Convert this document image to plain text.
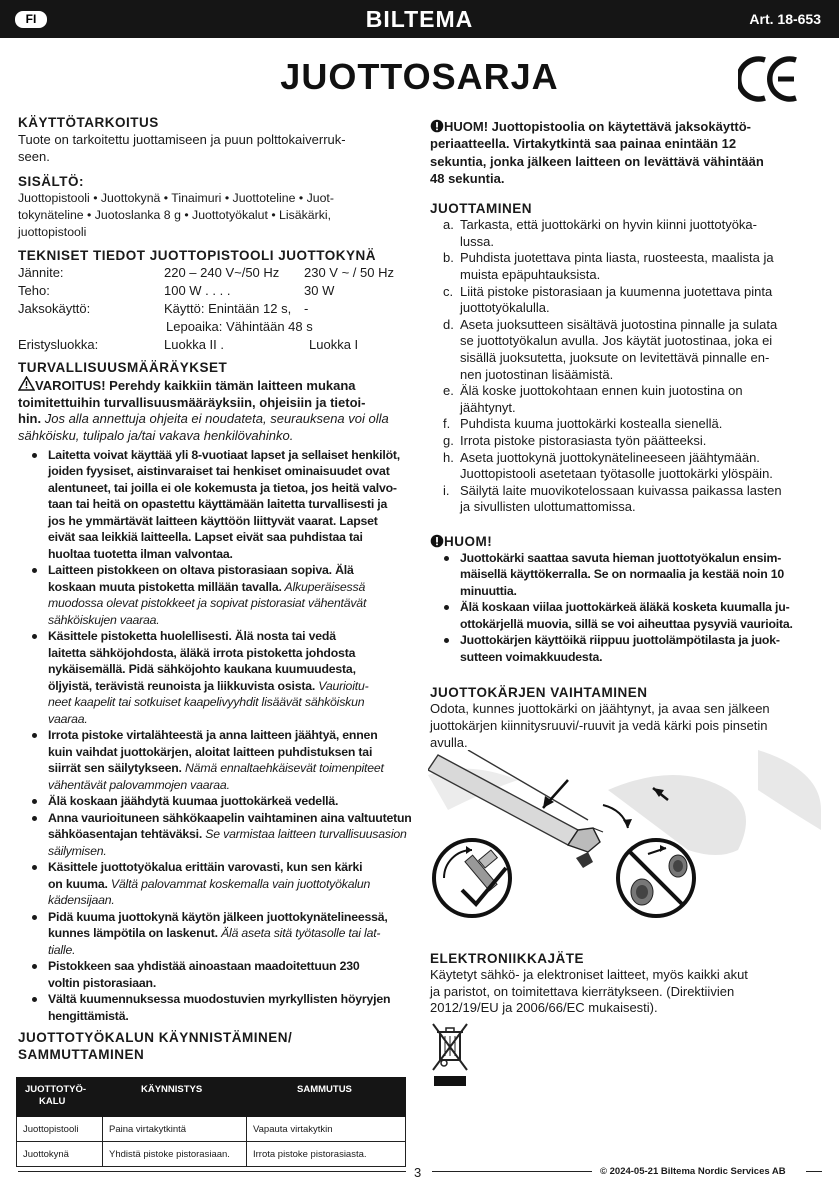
FI	BILTEMA	Art. 18-653
JUOTTOSARJA
KÄYTTÖTARKOITUS
Tuote on tarkoitettu juottamiseen ja puun polttokaiverruk-
seen.
SISÄLTÖ:
Juottopistooli • Juottokynä • Tinaimuri • Juottoteline • Juot-
tokynäteline • Juotoslanka 8 g • Juottotyökalut • Lisäkärki,
juottopistooli
TEKNISET TIEDOT JUOTTOPISTOOLI JUOTTOKYNÄ
Jännite:	220 – 240 V~/50 Hz	230 V ~ / 50 Hz
Teho:	100 W . . . .	30 W
Jaksokäyttö:	Käyttö: Enintään 12 s, -
Lepoaika: Vähintään 48 s
Eristysluokka:	Luokka II .	Luokka I
TURVALLISUUSMÄÄRÄYKSET
VAROITUS! Perehdy kaikkiin tämän laitteen mukana
toimitettuihin turvallisuusmääräyksiin, ohjeisiin ja tietoi-
hin. Jos alla annettuja ohjeita ei noudateta, seurauksena voi olla
sähköisku, tulipalo ja/tai vakava henkilövahinko.
Laitetta voivat käyttää yli 8-vuotiaat lapset ja sellaiset henkilöt,
joiden fyysiset, aistinvaraiset tai henkiset ominaisuudet ovat
alentuneet, tai joilla ei ole kokemusta ja tietoa, jos heitä valvo-
taan tai heitä on opastettu käyttämään laitetta turvallisesti ja
jos he ymmärtävät laitteen käyttöön liittyvät vaarat. Lapset
eivät saa leikkiä laitteella. Lapset eivät saa puhdistaa tai
huoltaa tuotetta ilman valvontaa.
Laitteen pistokkeen on oltava pistorasiaan sopiva. Älä
koskaan muuta pistoketta millään tavalla. Alkuperäisessä
muodossa olevat pistokkeet ja sopivat pistorasiat vähentävät
sähköiskujen vaaraa.
Käsittele pistoketta huolellisesti. Älä nosta tai vedä
laitetta sähköjohdosta, äläkä irrota pistoketta johdosta
nykäisemällä. Pidä sähköjohto kaukana kuumuudesta,
öljyistä, terävistä reunoista ja liikkuvista osista. Vaurioitu-
neet kaapelit tai sotkuiset kaapelivyyhdit lisäävät sähköiskun
vaaraa.
Irrota pistoke virtalähteestä ja anna laitteen jäähtyä, ennen
kuin vaihdat juottokärjen, aloitat laitteen puhdistuksen tai
siirrät sen säilytykseen. Nämä ennaltaehkäisevät toimenpiteet
vähentävät palovammojen vaaraa.
Älä koskaan jäähdytä kuumaa juottokärkeä vedellä.
Anna vaurioituneen sähkökaapelin vaihtaminen aina valtuutetun
sähköasentajan tehtäväksi. Se varmistaa laitteen turvallisuusasion
säilymisen.
Käsittele juottotyökalua erittäin varovasti, kun sen kärki
on kuuma. Vältä palovammat koskemalla vain juottotyökalun
kädensijaan.
Pidä kuuma juottokynä käytön jälkeen juottokynätelineessä,
kunnes lämpötila on laskenut. Älä aseta sitä työtasolle tai lat-
tialle.
Pistokkeen saa yhdistää ainoastaan maadoitettuun 230
voltin pistorasiaan.
Vältä kuumennuksessa muodostuvien myrkyllisten höyryjen
hengittämistä.
JUOTTOTYÖKALUN KÄYNNISTÄMINEN/
SAMMUTTAMINEN
JUOTTOTYÖ-
KALU	KÄYNNISTYS	SAMMUTUS
Juottopistooli	Paina virtakytkintä	Vapauta virtakytkin
Juottokynä	Yhdistä pistoke pistorasiaan.	Irrota pistoke pistorasiasta.
HUOM! Juottopistoolia on käytettävä jaksokäyttö-
periaatteella. Virtakytkintä saa painaa enintään 12
sekuntia, jonka jälkeen laitteen on levättävä vähintään
48 sekuntia.
JUOTTAMINEN
a. Tarkasta, että juottokärki on hyvin kiinni juottotyöka-
lussa.
b. Puhdista juotettava pinta liasta, ruosteesta, maalista ja
muista epäpuhtauksista.
c. Liitä pistoke pistorasiaan ja kuumenna juotettava pinta
juottotyökalulla.
d. Aseta juoksutteen sisältävä juotostina pinnalle ja sulata
se juottotyökalun avulla. Jos käytät juotostinaa, joka ei
sisällä juoksutetta, juoksute on levitettävä pinnalle en-
nen juotostinan lisäämistä.
e. Älä koske juottokohtaan ennen kuin juotostina on
jäähtynyt.
f. Puhdista kuuma juottokärki kostealla sienellä.
g. Irrota pistoke pistorasiasta työn päätteeksi.
h. Aseta juottokynä juottokynätelineeseen jäähtymään.
Juottopistooli asetetaan työtasolle juottokärki ylöspäin.
i. Säilytä laite muovikotelossaan kuivassa paikassa lasten
ja sivullisten ulottumattomissa.
HUOM!
Juottokärki saattaa savuta hieman juottotyökalun ensim-
mäisellä käyttökerralla. Se on normaalia ja kestää noin 10
minuuttia.
Älä koskaan viilaa juottokärkeä äläkä kosketa kuumalla ju-
ottokärjellä muovia, sillä se voi aiheuttaa pysyviä vaurioita.
Juottokärjen käyttöikä riippuu juottolämpötilasta ja juok-
sutteen voimakkuudesta.
JUOTTOKÄRJEN VAIHTAMINEN
Odota, kunnes juottokärki on jäähtynyt, ja avaa sen jälkeen
juottokärjen kiinnitysruuvi/-ruuvit ja vedä kärki pois pinsetin
avulla.
ELEKTRONIIKKAJÄTE
Käytetyt sähkö- ja elektroniset laitteet, myös kaikki akut
ja paristot, on toimitettava kierrätykseen. (Direktiivien
2012/19/EU ja 2006/66/EC mukaisesti).
3	© 2024-05-21 Biltema Nordic Services AB
